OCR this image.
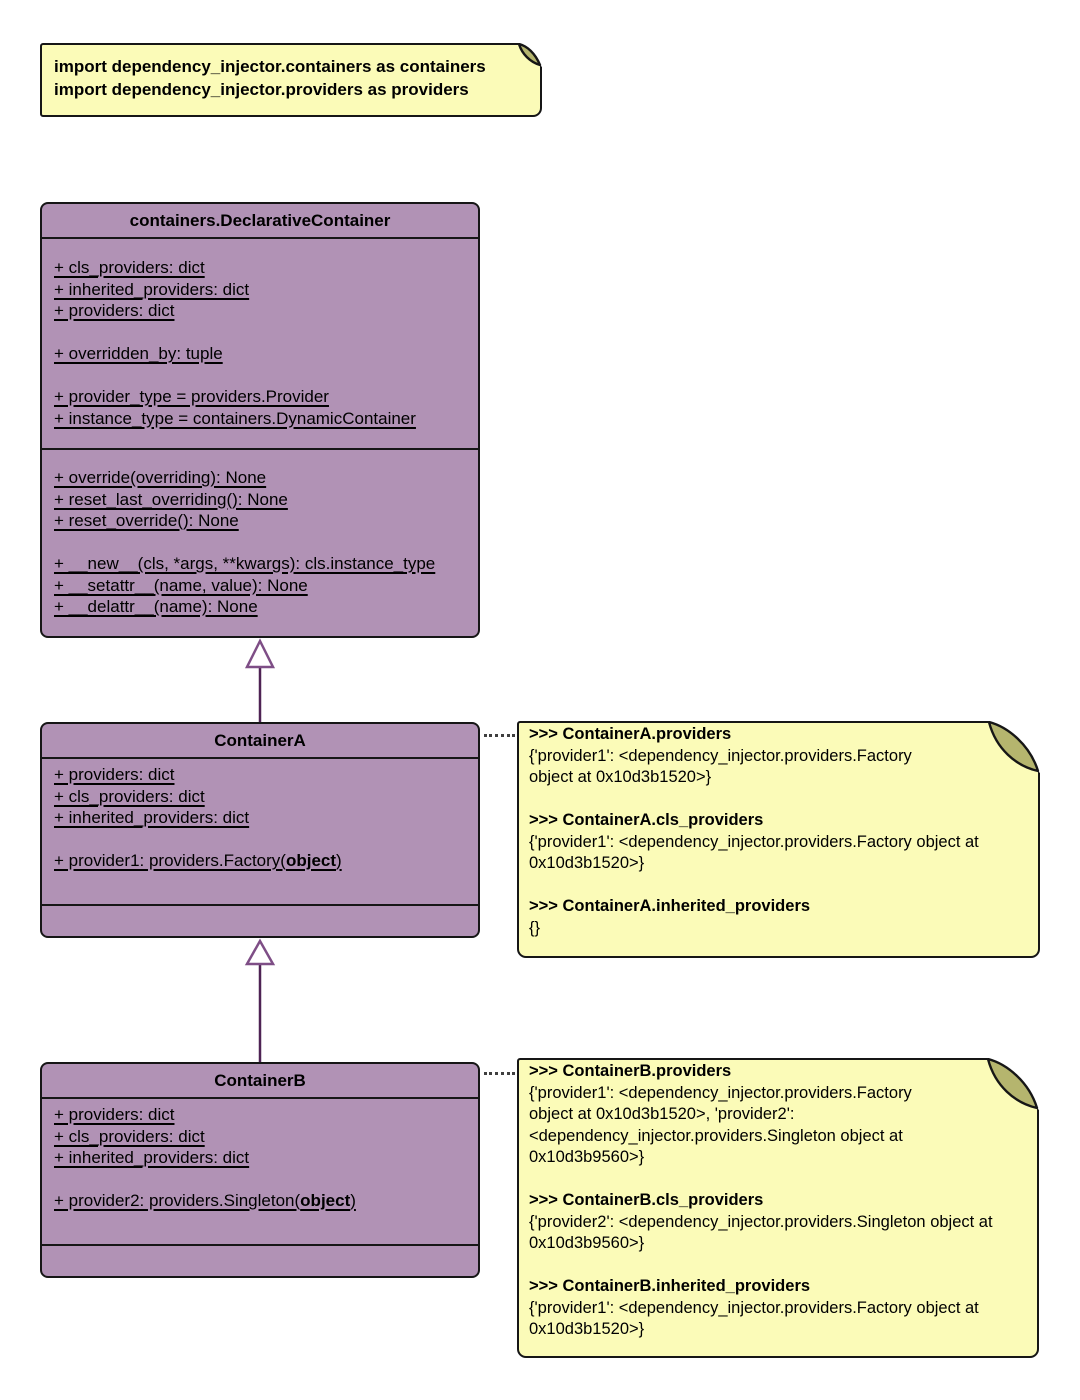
import dependency_injector.containers as containers
import dependency_injector.providers as providers
containers.DeclarativeContainer
+ cls_providers: dict
+ inherited_providers: dict
+ providers: dict
+ overridden_by: tuple
+ provider_type = providers.Provider
+ instance_type = containers.DynamicContainer
+ override(overriding): None
+ reset_last_overriding(): None
+ reset_override(): None
+ __new__(cls, *args, **kwargs): cls.instance_type
+ __setattr__(name, value): None
+ __delattr__(name): None
ContainerA
+ providers: dict
+ cls_providers: dict
+ inherited_providers: dict
+ provider1: providers.Factory(object)
>>> ContainerA.providers
{'provider1': <dependency_injector.providers.Factory
object at 0x10d3b1520>}
>>> ContainerA.cls_providers
{'provider1': <dependency_injector.providers.Factory object at
0x10d3b1520>}
>>> ContainerA.inherited_providers
{}
ContainerB
+ providers: dict
+ cls_providers: dict
+ inherited_providers: dict
+ provider2: providers.Singleton(object)
>>> ContainerB.providers
{'provider1': <dependency_injector.providers.Factory
object at 0x10d3b1520>, 'provider2':
<dependency_injector.providers.Singleton object at
0x10d3b9560>}
>>> ContainerB.cls_providers
{'provider2': <dependency_injector.providers.Singleton object at
0x10d3b9560>}
>>> ContainerB.inherited_providers
{'provider1': <dependency_injector.providers.Factory object at
0x10d3b1520>}
